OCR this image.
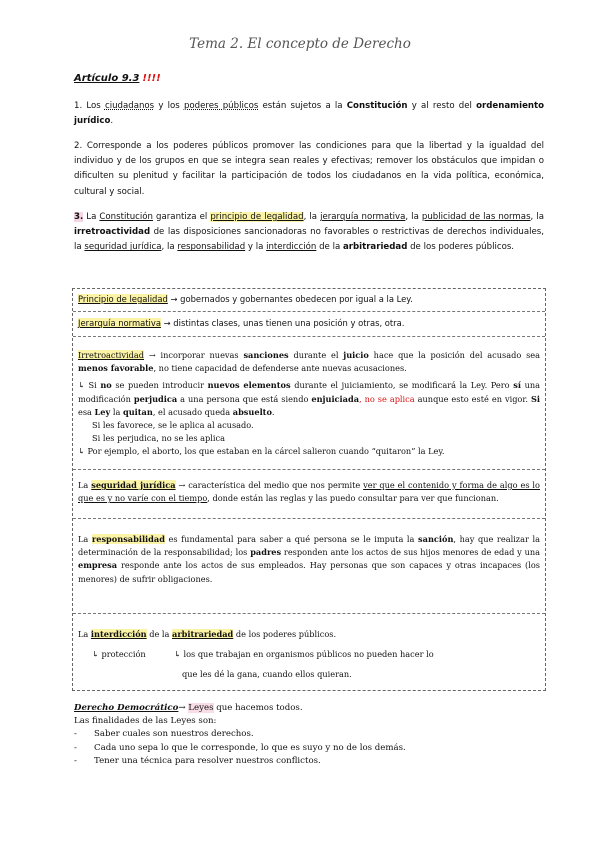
Tema 2. El concepto de Derecho
Artículo 9.3 !!!!
1. Los ciudadanos y los poderes públicos están sujetos a la Constitución y al resto del ordenamiento jurídico.
2. Corresponde a los poderes públicos promover las condiciones para que la libertad y la igualdad del individuo y de los grupos en que se integra sean reales y efectivas; remover los obstáculos que impidan o dificulten su plenitud y facilitar la participación de todos los ciudadanos en la vida política, económica, cultural y social.
3. La Constitución garantiza el principio de legalidad, la jerarquía normativa, la publicidad de las normas, la irretroactividad de las disposiciones sancionadoras no favorables o restrictivas de derechos individuales, la seguridad jurídica, la responsabilidad y la interdicción de la arbitrariedad de los poderes públicos.
Principio de legalidad → gobernados y gobernantes obedecen por igual a la Ley.
Jerarquía normativa → distintas clases, unas tienen una posición y otras, otra.
Irretroactividad → incorporar nuevas sanciones durante el juicio hace que la posición del acusado sea menos favorable, no tiene capacidad de defenderse ante nuevas acusaciones.
↳ Si no se pueden introducir nuevos elementos durante el juiciamiento, se modificará la Ley. Pero sí una modificación perjudica a una persona que está siendo enjuiciada, no se aplica aunque esto esté en vigor. Si esa Ley la quitan, el acusado queda absuelto.
Si les favorece, se le aplica al acusado.
Si les perjudica, no se les aplica
↳ Por ejemplo, el aborto, los que estaban en la cárcel salieron cuando “quitaron” la Ley.
La seguridad jurídica → característica del medio que nos permite ver que el contenido y forma de algo es lo que es y no varíe con el tiempo, donde están las reglas y las puedo consultar para ver que funcionan.
La responsabilidad es fundamental para saber a qué persona se le imputa la sanción, hay que realizar la determinación de la responsabilidad; los padres responden ante los actos de sus hijos menores de edad y una empresa responde ante los actos de sus empleados. Hay personas que son capaces y otras incapaces (los menores) de sufrir obligaciones.
La interdicción de la arbitrariedad de los poderes públicos.
↳ protección	↳ los que trabajan en organismos públicos no pueden hacer lo
que les dé la gana, cuando ellos quieran.
Derecho Democrático→ Leyes que hacemos todos.
Las finalidades de las Leyes son:
-	Saber cuales son nuestros derechos.
-	Cada uno sepa lo que le corresponde, lo que es suyo y no de los demás.
-	Tener una técnica para resolver nuestros conflictos.
